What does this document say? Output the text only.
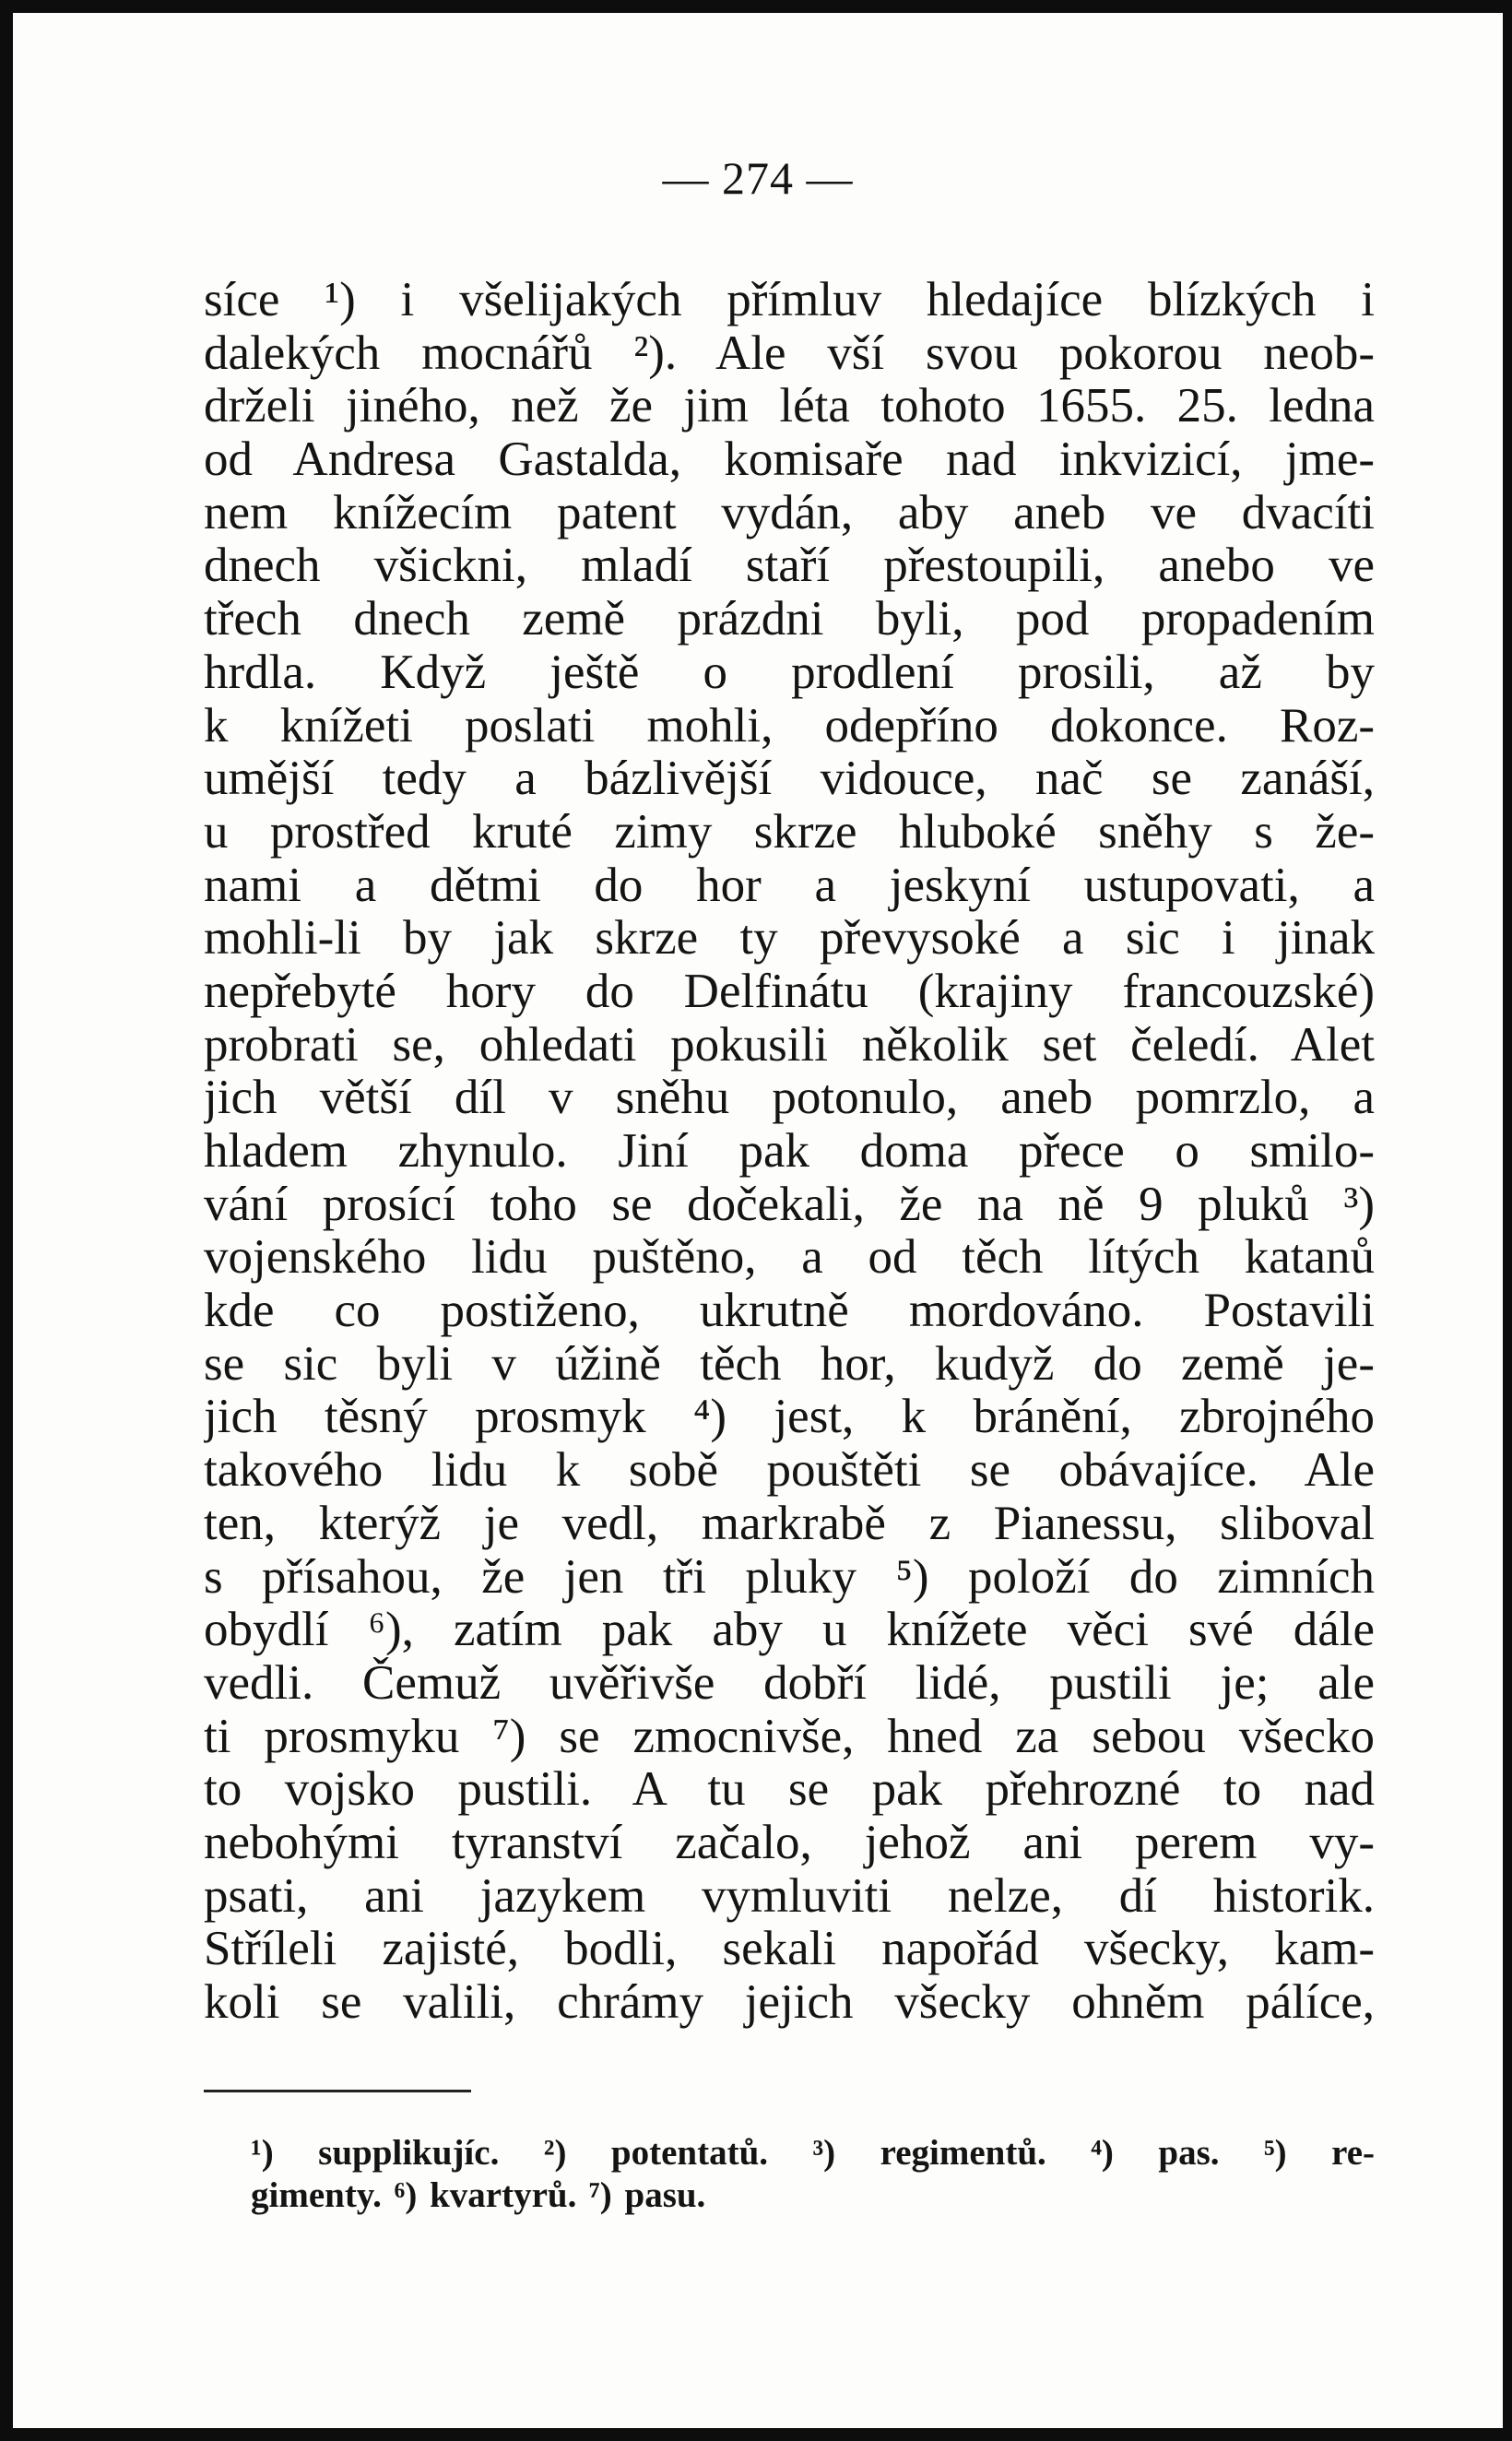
— 274 —
síce ¹) i všelijakých přímluv hledajíce blízkých i
dalekých mocnářů ²). Ale vší svou pokorou neob-
drželi jiného, než že jim léta tohoto 1655. 25. ledna
od Andresa Gastalda, komisaře nad inkvizicí, jme-
nem knížecím patent vydán, aby aneb ve dvacíti
dnech všickni, mladí staří přestoupili, anebo ve
třech dnech země prázdni byli, pod propadením
hrdla. Když ještě o prodlení prosili, až by
k knížeti poslati mohli, odepříno dokonce. Roz-
umější tedy a bázlivější vidouce, nač se zanáší,
u prostřed kruté zimy skrze hluboké sněhy s že-
nami a dětmi do hor a jeskyní ustupovati, a
mohli-li by jak skrze ty převysoké a sic i jinak
nepřebyté hory do Delfinátu (krajiny francouzské)
probrati se, ohledati pokusili několik set čeledí. Alet
jich větší díl v sněhu potonulo, aneb pomrzlo, a
hladem zhynulo. Jiní pak doma přece o smilo-
vání prosící toho se dočekali, že na ně 9 pluků ³)
vojenského lidu puštěno, a od těch lítých katanů
kde co postiženo, ukrutně mordováno. Postavili
se sic byli v úžině těch hor, kudyž do země je-
jich těsný prosmyk ⁴) jest, k bránění, zbrojného
takového lidu k sobě pouštěti se obávajíce. Ale
ten, kterýž je vedl, markrabě z Pianessu, sliboval
s přísahou, že jen tři pluky ⁵) položí do zimních
obydlí ⁶), zatím pak aby u knížete věci své dále
vedli. Čemuž uvěřivše dobří lidé, pustili je; ale
ti prosmyku ⁷) se zmocnivše, hned za sebou všecko
to vojsko pustili. A tu se pak přehrozné to nad
nebohými tyranství začalo, jehož ani perem vy-
psati, ani jazykem vymluviti nelze, dí historik.
Stříleli zajisté, bodli, sekali napořád všecky, kam-
koli se valili, chrámy jejich všecky ohněm pálíce,
¹) supplikujíc. ²) potentatů. ³) regimentů. ⁴) pas. ⁵) re-
gimenty. ⁶) kvartyrů. ⁷) pasu.
